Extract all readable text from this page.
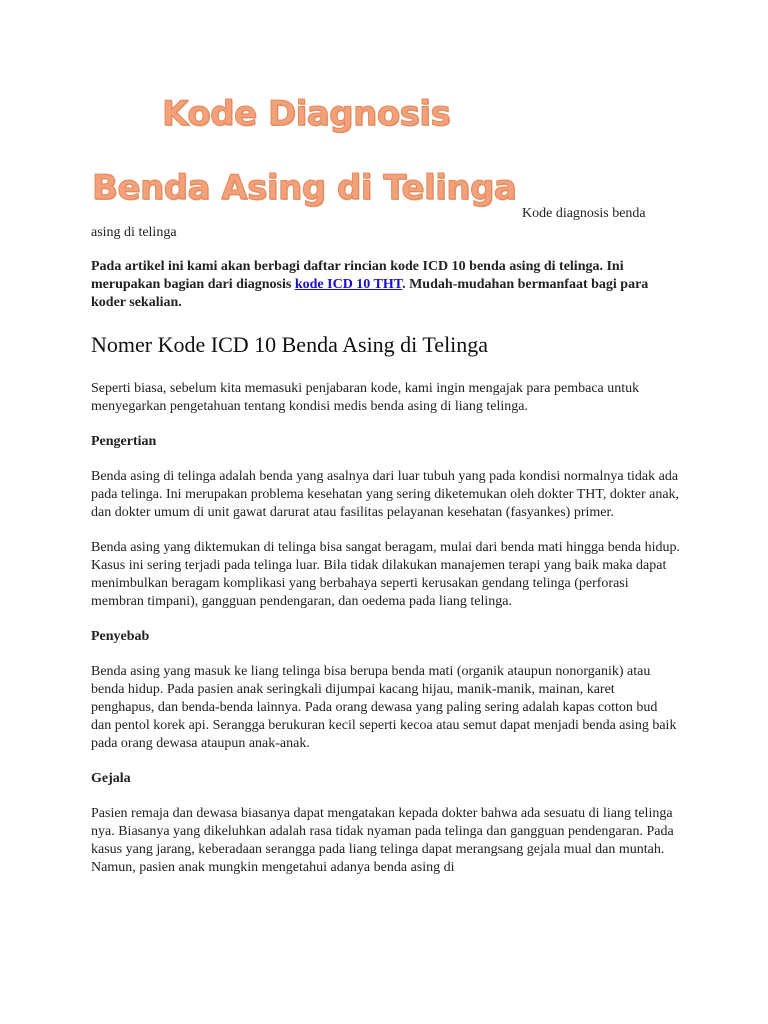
Kode Diagnosis
Benda Asing di Telinga
Kode diagnosis benda
asing di telinga

Pada artikel ini kami akan berbagi daftar rincian kode ICD 10 benda asing di telinga. Ini merupakan bagian dari diagnosis kode ICD 10 THT. Mudah-mudahan bermanfaat bagi para koder sekalian.

Nomer Kode ICD 10 Benda Asing di Telinga

Seperti biasa, sebelum kita memasuki penjabaran kode, kami ingin mengajak para pembaca untuk menyegarkan pengetahuan tentang kondisi medis benda asing di liang telinga.

Pengertian

Benda asing di telinga adalah benda yang asalnya dari luar tubuh yang pada kondisi normalnya tidak ada pada telinga. Ini merupakan problema kesehatan yang sering diketemukan oleh dokter THT, dokter anak, dan dokter umum di unit gawat darurat atau fasilitas pelayanan kesehatan (fasyankes) primer.

Benda asing yang diktemukan di telinga bisa sangat beragam, mulai dari benda mati hingga benda hidup. Kasus ini sering terjadi pada telinga luar. Bila tidak dilakukan manajemen terapi yang baik maka dapat menimbulkan beragam komplikasi yang berbahaya seperti kerusakan gendang telinga (perforasi membran timpani), gangguan pendengaran, dan oedema pada liang telinga.

Penyebab

Benda asing yang masuk ke liang telinga bisa berupa benda mati (organik ataupun nonorganik) atau benda hidup. Pada pasien anak seringkali dijumpai kacang hijau, manik-manik, mainan, karet penghapus, dan benda-benda lainnya. Pada orang dewasa yang paling sering adalah kapas cotton bud dan pentol korek api. Serangga berukuran kecil seperti kecoa atau semut dapat menjadi benda asing baik pada orang dewasa ataupun anak-anak.

Gejala

Pasien remaja dan dewasa biasanya dapat mengatakan kepada dokter bahwa ada sesuatu di liang telinga nya. Biasanya yang dikeluhkan adalah rasa tidak nyaman pada telinga dan gangguan pendengaran. Pada kasus yang jarang, keberadaan serangga pada liang telinga dapat merangsang gejala mual dan muntah. Namun, pasien anak mungkin mengetahui adanya benda asing di
